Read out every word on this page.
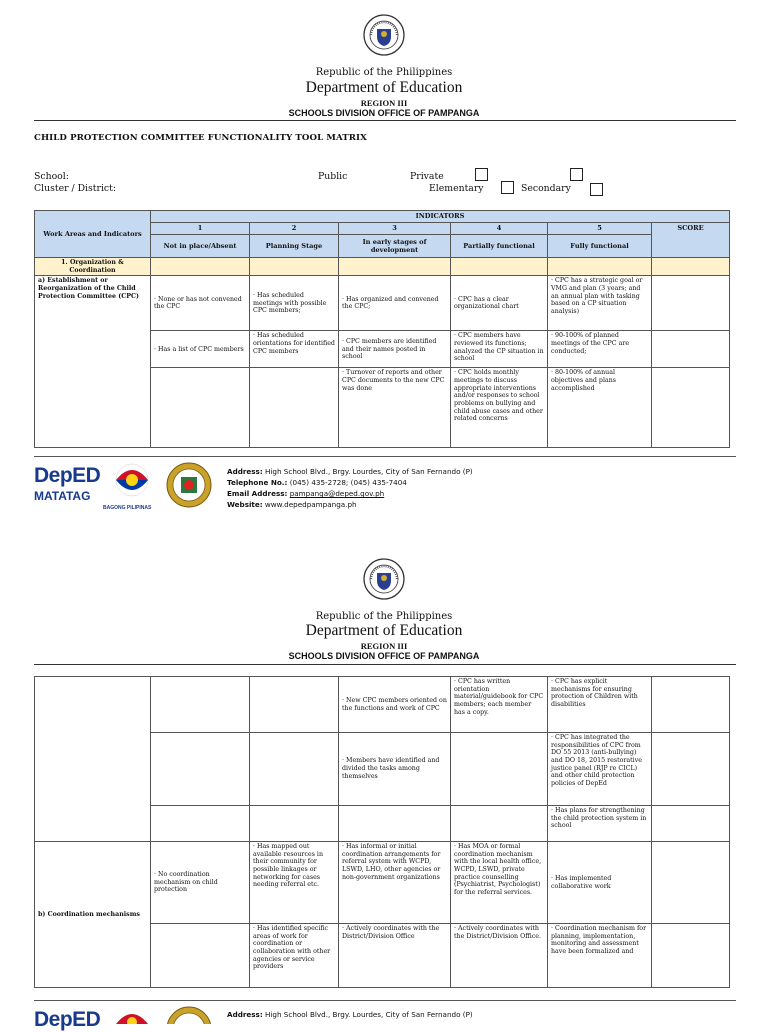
Republic of the Philippines
Department of Education
REGION III
SCHOOLS DIVISION OFFICE OF PAMPANGA
CHILD PROTECTION COMMITTEE FUNCTIONALITY TOOL MATRIX
School:
Cluster / District:
Public	Private
Elementary	Secondary
Work Areas and Indicators	INDICATORS					
	1	2	3	4	5	SCORE
	Not in place/Absent	Planning Stage	In early stages of development	Partially functional	Fully functional	
1. Organization & Coordination						
a) Establishment or Reorganization of the Child Protection Committee (CPC)	· None or has not convened the CPC	· Has scheduled meetings with possible CPC members;	· Has organized and convened the CPC;	· CPC has a clear organizational chart	· CPC has a strategic goal or VMG and plan (3 years; and an annual plan with tasking based on a CP situation analysis)	
	· Has a list of CPC members	· Has scheduled orientations for identified CPC members	· CPC members are identified and their names posted in school	· CPC members have reviewed its functions; analyzed the CP situation in school	· 90-100% of planned meetings of the CPC are conducted;	
			· Turnover of reports and other CPC documents to the new CPC was done	· CPC holds monthly meetings to discuss appropriate interventions and/or responses to school problems on bullying and child abuse cases and other related concerns	· 80-100% of annual objectives and plans accomplished	
DepED
MATATAG
BAGONG PILIPINAS
Address: High School Blvd., Brgy. Lourdes, City of San Fernando (P)
Telephone No.: (045) 435-2728; (045) 435-7404
Email Address: pampanga@deped.gov.ph
Website: www.depedpampanga.ph
Republic of the Philippines
Department of Education
REGION III
SCHOOLS DIVISION OFFICE OF PAMPANGA
			· New CPC members oriented on the functions and work of CPC	· CPC has written orientation material/guidebook for CPC members; each member has a copy.	· CPC has explicit mechanisms for ensuring protection of Children with disabilities	
			· Members have identified and divided the tasks among themselves		· CPC has integrated the responsibilities of CPC from DO 55 2013 (anti-bullying) and DO 18, 2015 restorative justice panel (RJP re CICL) and other child protection policies of DepEd	
					· Has plans for strengthening the child protection system in school	
b) Coordination mechanisms	· No coordination mechanism on child protection	· Has mapped out available resources in their community for possible linkages or networking for cases needing referral etc.	· Has informal or initial coordination arrangements for referral system with WCPD, LSWD, LHO, other agencies or non-government organizations	· Has MOA or formal coordination mechanism with the local health office, WCPD, LSWD, private practice counselling (Psychiatrist, Psychologist) for the referral services.	· Has implemented collaborative work	
		· Has identified specific areas of work for coordination or collaboration with other agencies or service providers	· Actively coordinates with the District/Division Office	· Actively coordinates with the District/Division Office.	· Coordination mechanism for planning, implementation, monitoring and assessment have been formalized and	
DepED	Address: High School Blvd., Brgy. Lourdes, City of San Fernando (P)
